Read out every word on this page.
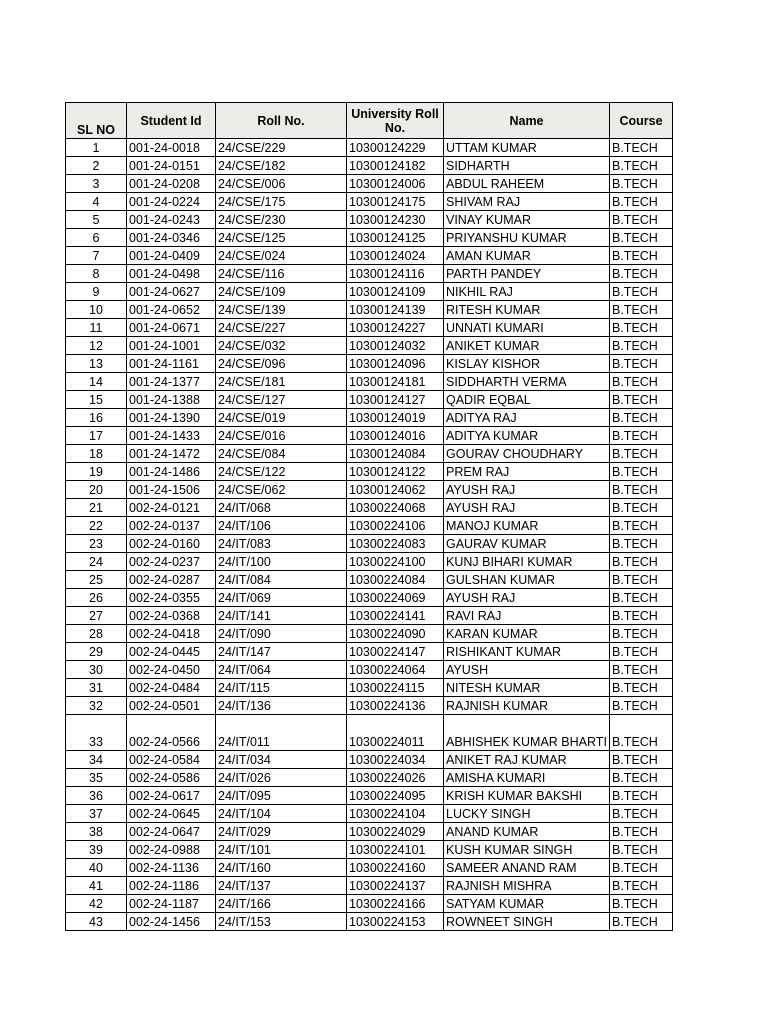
SL NO	Student Id	Roll No.	University Roll No.	Name	Course
1	001-24-0018	24/CSE/229	10300124229	UTTAM KUMAR	B.TECH
2	001-24-0151	24/CSE/182	10300124182	SIDHARTH	B.TECH
3	001-24-0208	24/CSE/006	10300124006	ABDUL RAHEEM	B.TECH
4	001-24-0224	24/CSE/175	10300124175	SHIVAM RAJ	B.TECH
5	001-24-0243	24/CSE/230	10300124230	VINAY KUMAR	B.TECH
6	001-24-0346	24/CSE/125	10300124125	PRIYANSHU KUMAR	B.TECH
7	001-24-0409	24/CSE/024	10300124024	AMAN KUMAR	B.TECH
8	001-24-0498	24/CSE/116	10300124116	PARTH PANDEY	B.TECH
9	001-24-0627	24/CSE/109	10300124109	NIKHIL RAJ	B.TECH
10	001-24-0652	24/CSE/139	10300124139	RITESH KUMAR	B.TECH
11	001-24-0671	24/CSE/227	10300124227	UNNATI KUMARI	B.TECH
12	001-24-1001	24/CSE/032	10300124032	ANIKET KUMAR	B.TECH
13	001-24-1161	24/CSE/096	10300124096	KISLAY KISHOR	B.TECH
14	001-24-1377	24/CSE/181	10300124181	SIDDHARTH VERMA	B.TECH
15	001-24-1388	24/CSE/127	10300124127	QADIR EQBAL	B.TECH
16	001-24-1390	24/CSE/019	10300124019	ADITYA RAJ	B.TECH
17	001-24-1433	24/CSE/016	10300124016	ADITYA KUMAR	B.TECH
18	001-24-1472	24/CSE/084	10300124084	GOURAV CHOUDHARY	B.TECH
19	001-24-1486	24/CSE/122	10300124122	PREM RAJ	B.TECH
20	001-24-1506	24/CSE/062	10300124062	AYUSH RAJ	B.TECH
21	002-24-0121	24/IT/068	10300224068	AYUSH RAJ	B.TECH
22	002-24-0137	24/IT/106	10300224106	MANOJ KUMAR	B.TECH
23	002-24-0160	24/IT/083	10300224083	GAURAV KUMAR	B.TECH
24	002-24-0237	24/IT/100	10300224100	KUNJ BIHARI KUMAR	B.TECH
25	002-24-0287	24/IT/084	10300224084	GULSHAN KUMAR	B.TECH
26	002-24-0355	24/IT/069	10300224069	AYUSH RAJ	B.TECH
27	002-24-0368	24/IT/141	10300224141	RAVI RAJ	B.TECH
28	002-24-0418	24/IT/090	10300224090	KARAN KUMAR	B.TECH
29	002-24-0445	24/IT/147	10300224147	RISHIKANT KUMAR	B.TECH
30	002-24-0450	24/IT/064	10300224064	AYUSH	B.TECH
31	002-24-0484	24/IT/115	10300224115	NITESH KUMAR	B.TECH
32	002-24-0501	24/IT/136	10300224136	RAJNISH KUMAR	B.TECH
33	002-24-0566	24/IT/011	10300224011	ABHISHEK KUMAR BHARTI	B.TECH
34	002-24-0584	24/IT/034	10300224034	ANIKET RAJ KUMAR	B.TECH
35	002-24-0586	24/IT/026	10300224026	AMISHA KUMARI	B.TECH
36	002-24-0617	24/IT/095	10300224095	KRISH KUMAR BAKSHI	B.TECH
37	002-24-0645	24/IT/104	10300224104	LUCKY SINGH	B.TECH
38	002-24-0647	24/IT/029	10300224029	ANAND KUMAR	B.TECH
39	002-24-0988	24/IT/101	10300224101	KUSH KUMAR SINGH	B.TECH
40	002-24-1136	24/IT/160	10300224160	SAMEER ANAND RAM	B.TECH
41	002-24-1186	24/IT/137	10300224137	RAJNISH MISHRA	B.TECH
42	002-24-1187	24/IT/166	10300224166	SATYAM KUMAR	B.TECH
43	002-24-1456	24/IT/153	10300224153	ROWNEET SINGH	B.TECH
